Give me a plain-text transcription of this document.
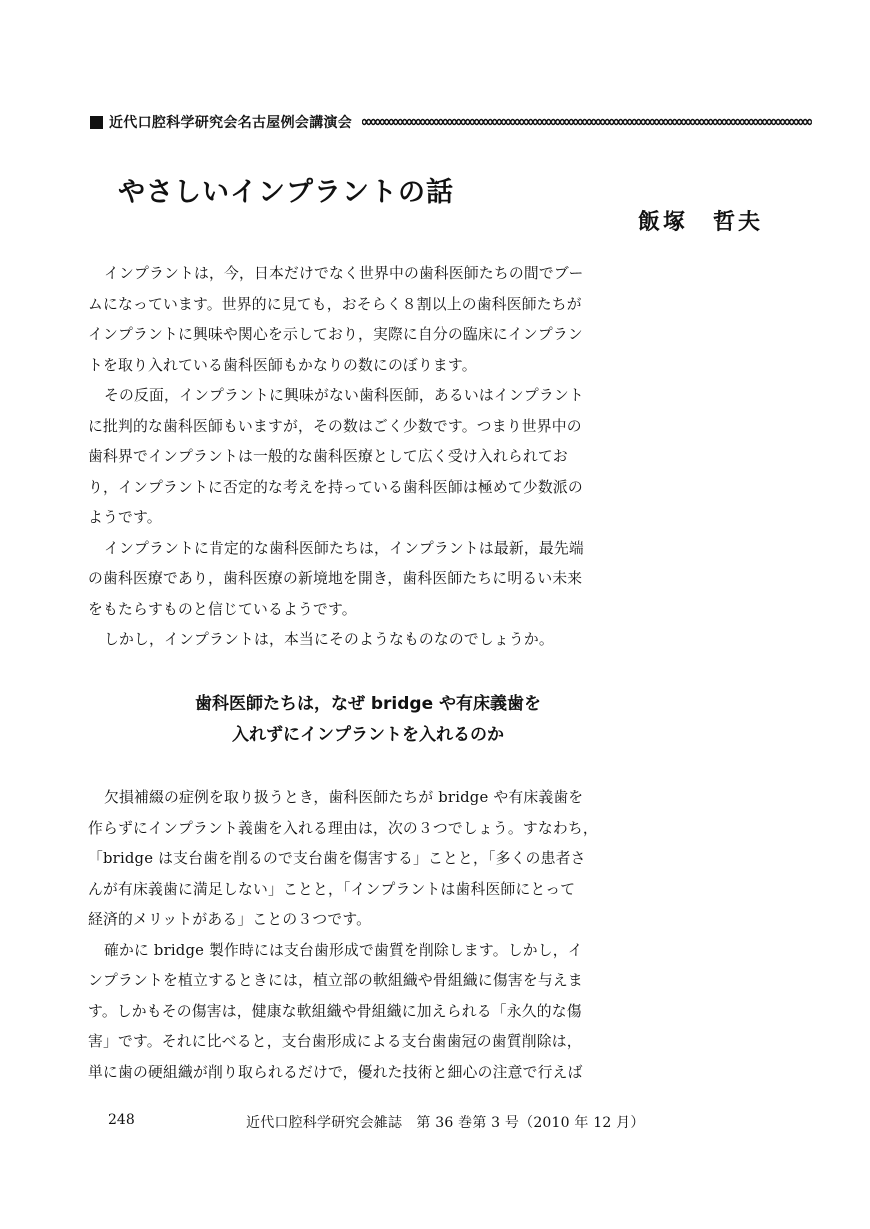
近代口腔科学研究会名古屋例会講演会
やさしいインプラントの話
飯塚　哲夫

インプラントは，今，日本だけでなく世界中の歯科医師たちの間でブー
ムになっています。世界的に見ても，おそらく８割以上の歯科医師たちが
インプラントに興味や関心を示しており，実際に自分の臨床にインプラン
トを取り入れている歯科医師もかなりの数にのぼります。

その反面，インプラントに興味がない歯科医師，あるいはインプラント
に批判的な歯科医師もいますが，その数はごく少数です。つまり世界中の
歯科界でインプラントは一般的な歯科医療として広く受け入れられてお
り，インプラントに否定的な考えを持っている歯科医師は極めて少数派の
ようです。

インプラントに肯定的な歯科医師たちは，インプラントは最新，最先端
の歯科医療であり，歯科医療の新境地を開き，歯科医師たちに明るい未来
をもたらすものと信じているようです。

しかし，インプラントは，本当にそのようなものなのでしょうか。

歯科医師たちは，なぜ bridge や有床義歯を
入れずにインプラントを入れるのか

欠損補綴の症例を取り扱うとき，歯科医師たちが bridge や有床義歯を
作らずにインプラント義歯を入れる理由は，次の３つでしょう。すなわち，
「bridge は支台歯を削るので支台歯を傷害する」ことと，「多くの患者さ
んが有床義歯に満足しない」ことと，「インプラントは歯科医師にとって
経済的メリットがある」ことの３つです。

確かに bridge 製作時には支台歯形成で歯質を削除します。しかし，イ
ンプラントを植立するときには，植立部の軟組織や骨組織に傷害を与えま
す。しかもその傷害は，健康な軟組織や骨組織に加えられる「永久的な傷
害」です。それに比べると，支台歯形成による支台歯歯冠の歯質削除は，
単に歯の硬組織が削り取られるだけで，優れた技術と細心の注意で行えば

248	近代口腔科学研究会雑誌　第 36 巻第 3 号（2010 年 12 月）
